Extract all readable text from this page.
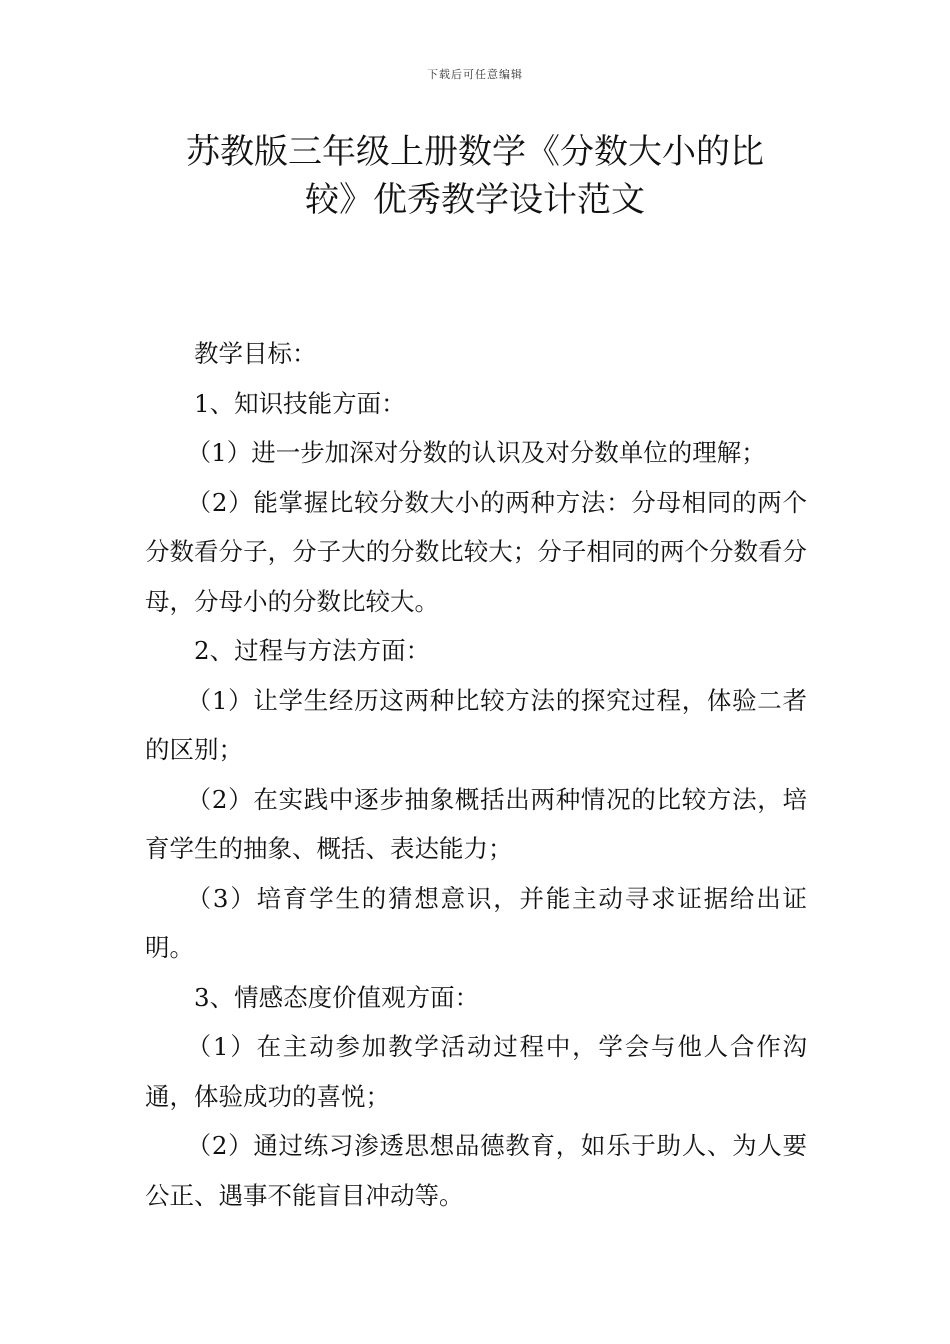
下载后可任意编辑
苏教版三年级上册数学《分数大小的比
较》优秀教学设计范文

教学目标：

1、知识技能方面：

（1）进一步加深对分数的认识及对分数单位的理解；

（2）能掌握比较分数大小的两种方法：分母相同的两个分数看分子，分子大的分数比较大；分子相同的两个分数看分母，分母小的分数比较大。

2、过程与方法方面：

（1）让学生经历这两种比较方法的探究过程，体验二者的区别；

（2）在实践中逐步抽象概括出两种情况的比较方法，培育学生的抽象、概括、表达能力；

（3）培育学生的猜想意识，并能主动寻求证据给出证明。

3、情感态度价值观方面：

（1）在主动参加教学活动过程中，学会与他人合作沟通，体验成功的喜悦；

（2）通过练习渗透思想品德教育，如乐于助人、为人要公正、遇事不能盲目冲动等。
